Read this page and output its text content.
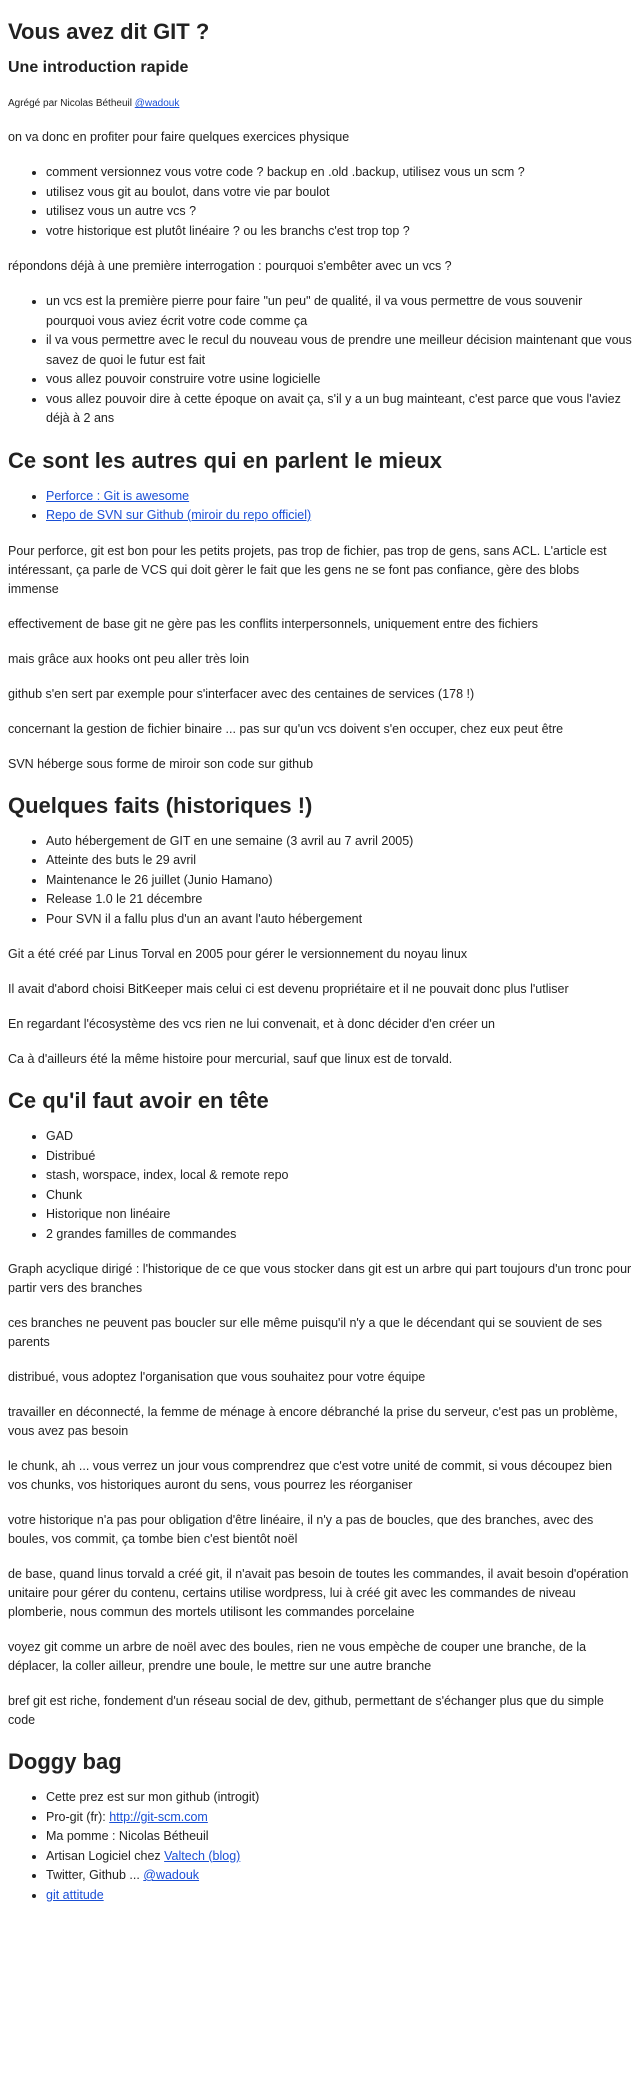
Vous avez dit GIT ?
Une introduction rapide

Agrégé par Nicolas Bétheuil @wadouk

on va donc en profiter pour faire quelques exercices physique

• comment versionnez vous votre code ? backup en .old .backup, utilisez vous un scm ?
• utilisez vous git au boulot, dans votre vie par boulot
• utilisez vous un autre vcs ?
• votre historique est plutôt linéaire ? ou les branchs c'est trop top ?

répondons déjà à une première interrogation : pourquoi s'embêter avec un vcs ?

• un vcs est la première pierre pour faire "un peu" de qualité, il va vous permettre de vous souvenir pourquoi vous aviez écrit votre code comme ça
• il va vous permettre avec le recul du nouveau vous de prendre une meilleur décision maintenant que vous savez de quoi le futur est fait
• vous allez pouvoir construire votre usine logicielle
• vous allez pouvoir dire à cette époque on avait ça, s'il y a un bug mainteant, c'est parce que vous l'aviez déjà à 2 ans
Ce sont les autres qui en parlent le mieux
• Perforce : Git is awesome
• Repo de SVN sur Github (miroir du repo officiel)

Pour perforce, git est bon pour les petits projets, pas trop de fichier, pas trop de gens, sans ACL. L'article est intéressant, ça parle de VCS qui doit gèrer le fait que les gens ne se font pas confiance, gère des blobs immense

effectivement de base git ne gère pas les conflits interpersonnels, uniquement entre des fichiers

mais grâce aux hooks ont peu aller très loin

github s'en sert par exemple pour s'interfacer avec des centaines de services (178 !)

concernant la gestion de fichier binaire ... pas sur qu'un vcs doivent s'en occuper, chez eux peut être

SVN héberge sous forme de miroir son code sur github

Quelques faits (historiques !)
• Auto hébergement de GIT en une semaine (3 avril au 7 avril 2005)
• Atteinte des buts le 29 avril
• Maintenance le 26 juillet (Junio Hamano)
• Release 1.0 le 21 décembre
• Pour SVN il a fallu plus d'un an avant l'auto hébergement

Git a été créé par Linus Torval en 2005 pour gérer le versionnement du noyau linux

Il avait d'abord choisi BitKeeper mais celui ci est devenu propriétaire et il ne pouvait donc plus l'utliser

En regardant l'écosystème des vcs rien ne lui convenait, et à donc décider d'en créer un

Ca à d'ailleurs été la même histoire pour mercurial, sauf que linux est de torvald.

Ce qu'il faut avoir en tête
• GAD
• Distribué
• stash, worspace, index, local & remote repo
• Chunk
• Historique non linéaire
• 2 grandes familles de commandes

Graph acyclique dirigé : l'historique de ce que vous stocker dans git est un arbre qui part toujours d'un tronc pour partir vers des branches

ces branches ne peuvent pas boucler sur elle même puisqu'il n'y a que le décendant qui se souvient de ses parents

distribué, vous adoptez l'organisation que vous souhaitez pour votre équipe

travailler en déconnecté, la femme de ménage à encore débranché la prise du serveur, c'est pas un problème, vous avez pas besoin

le chunk, ah ... vous verrez un jour vous comprendrez que c'est votre unité de commit, si vous découpez bien vos chunks, vos historiques auront du sens, vous pourrez les réorganiser

votre historique n'a pas pour obligation d'être linéaire, il n'y a pas de boucles, que des branches, avec des boules, vos commit, ça tombe bien c'est bientôt noël

de base, quand linus torvald a créé git, il n'avait pas besoin de toutes les commandes, il avait besoin d'opération unitaire pour gérer du contenu, certains utilise wordpress, lui à créé git avec les commandes de niveau plomberie, nous commun des mortels utilisont les commandes porcelaine

voyez git comme un arbre de noël avec des boules, rien ne vous empèche de couper une branche, de la déplacer, la coller ailleur, prendre une boule, le mettre sur une autre branche

bref git est riche, fondement d'un réseau social de dev, github, permettant de s'échanger plus que du simple code

Doggy bag
• Cette prez est sur mon github (introgit)
• Pro-git (fr): http://git-scm.com
• Ma pomme : Nicolas Bétheuil
• Artisan Logiciel chez Valtech (blog)
• Twitter, Github ... @wadouk
• git attitude
